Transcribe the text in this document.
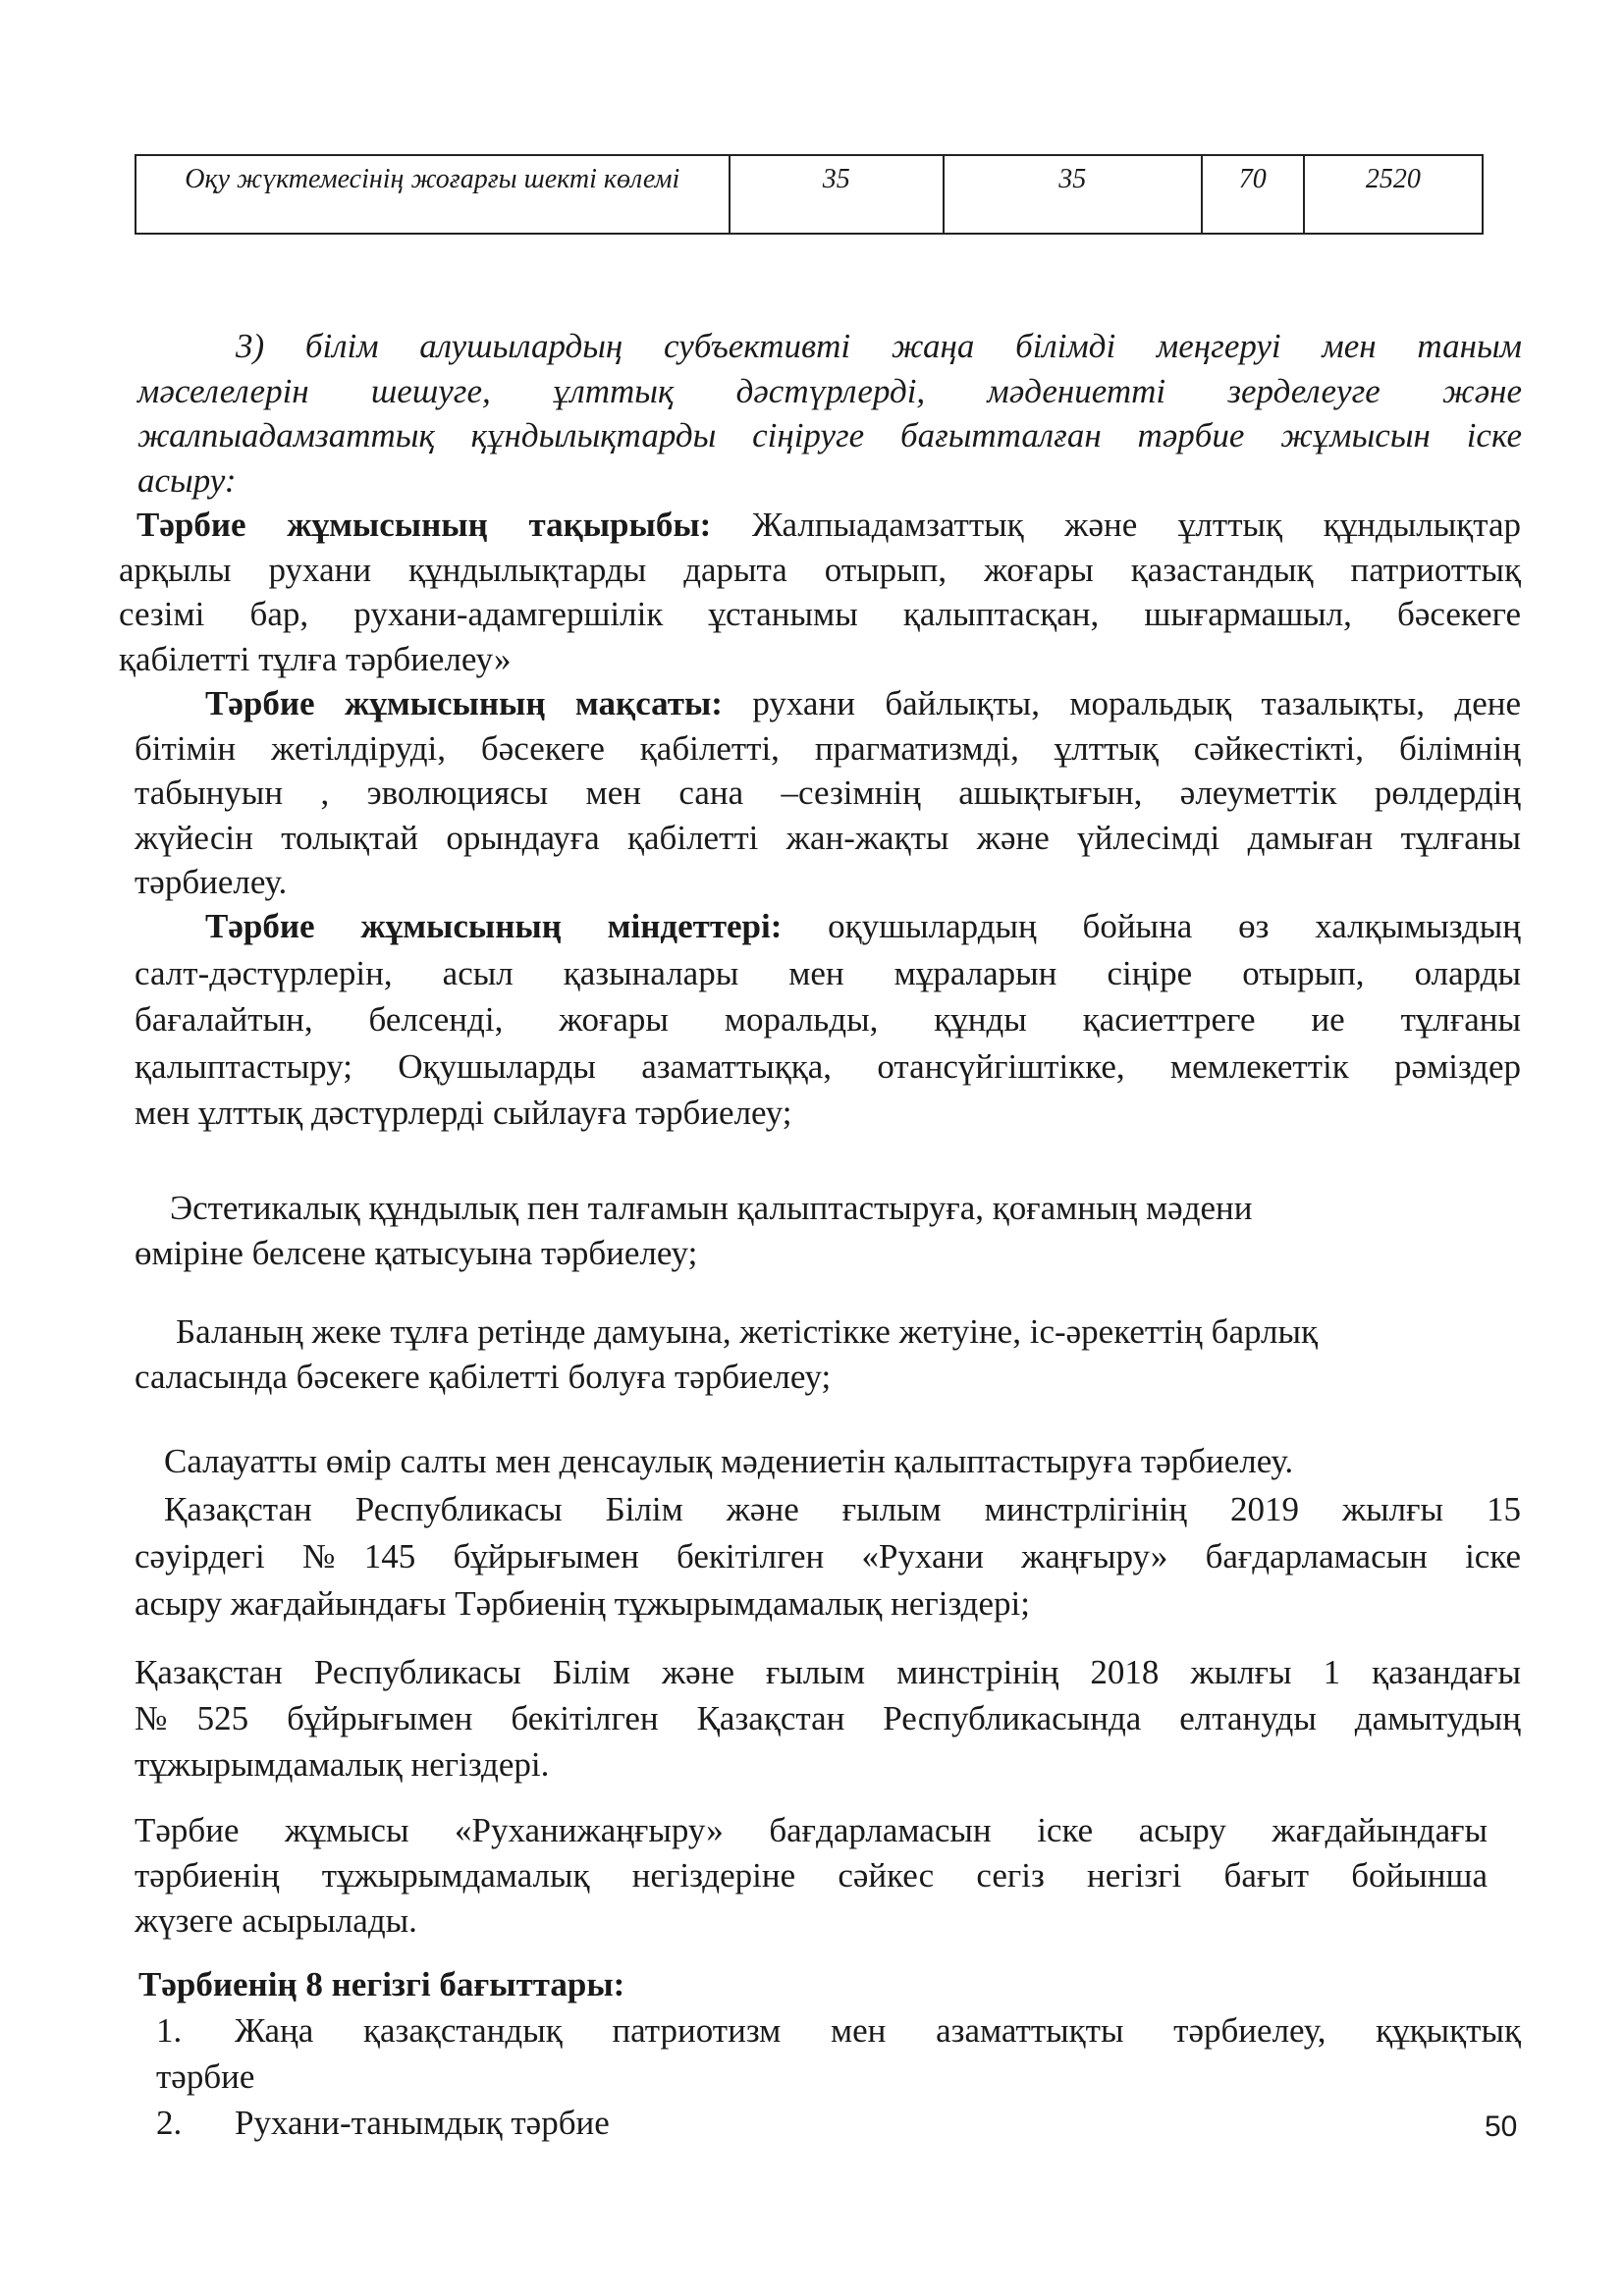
Оқу жүктемесінің жоғарғы шекті көлемі	35	35	70	2520
3) білім алушылардың субъективті жаңа білімді меңгеруі мен таным
мәселелерін шешуге, ұлттық дәстүрлерді, мәдениетті зерделеуге және
жалпыадамзаттық құндылықтарды сіңіруге бағытталған тәрбие жұмысын іске
асыру:
Тәрбие жұмысының тақырыбы: Жалпыадамзаттық және ұлттық құндылықтар
арқылы рухани құндылықтарды дарыта отырып, жоғары қазастандық патриоттық
сезімі бар, рухани-адамгершілік ұстанымы қалыптасқан, шығармашыл, бәсекеге
қабілетті тұлға тәрбиелеу»
Тәрбие жұмысының мақсаты: рухани байлықты, моральдық тазалықты, дене
бітімін жетілдіруді, бәсекеге қабілетті, прагматизмді, ұлттық сәйкестікті, білімнің
табынуын , эволюциясы мен сана –сезімнің ашықтығын, әлеуметтік рөлдердің
жүйесін толықтай орындауға қабілетті жан-жақты және үйлесімді дамыған тұлғаны
тәрбиелеу.
Тәрбие жұмысының міндеттері: оқушылардың бойына өз халқымыздың
салт-дәстүрлерін, асыл қазыналары мен мұраларын сіңіре отырып, оларды
бағалайтын, белсенді, жоғары моральды, құнды қасиеттреге ие тұлғаны
қалыптастыру; Оқушыларды азаматтыққа, отансүйгіштікке, мемлекеттік рәміздер
мен ұлттық дәстүрлерді сыйлауға тәрбиелеу;
Эстетикалық құндылық пен талғамын қалыптастыруға, қоғамның мәдени
өміріне белсене қатысуына тәрбиелеу;
Баланың жеке тұлға ретінде дамуына, жетістікке жетуіне, іс-әрекеттің барлық
саласында бәсекеге қабілетті болуға тәрбиелеу;
Салауатты өмір салты мен денсаулық мәдениетін қалыптастыруға тәрбиелеу.
Қазақстан Республикасы Білім және ғылым минстрлігінің 2019 жылғы 15
сәуірдегі №145 бұйрығымен бекітілген «Рухани жаңғыру» бағдарламасын іске
асыру жағдайындағы Тәрбиенің тұжырымдамалық негіздері;
Қазақстан Республикасы Білім және ғылым минстрінің 2018 жылғы 1 қазандағы
№525 бұйрығымен бекітілген Қазақстан Республикасында елтануды дамытудың
тұжырымдамалық негіздері.
Тәрбие жұмысы «Руханижаңғыру» бағдарламасын іске асыру жағдайындағы
тәрбиенің тұжырымдамалық негіздеріне сәйкес сегіз негізгі бағыт бойынша
жүзеге асырылады.
Тәрбиенің 8 негізгі бағыттары:
1.	Жаңа қазақстандық патриотизм мен азаматтықты тәрбиелеу, құқықтық
тәрбие
2.	Рухани-танымдық тәрбие	50
